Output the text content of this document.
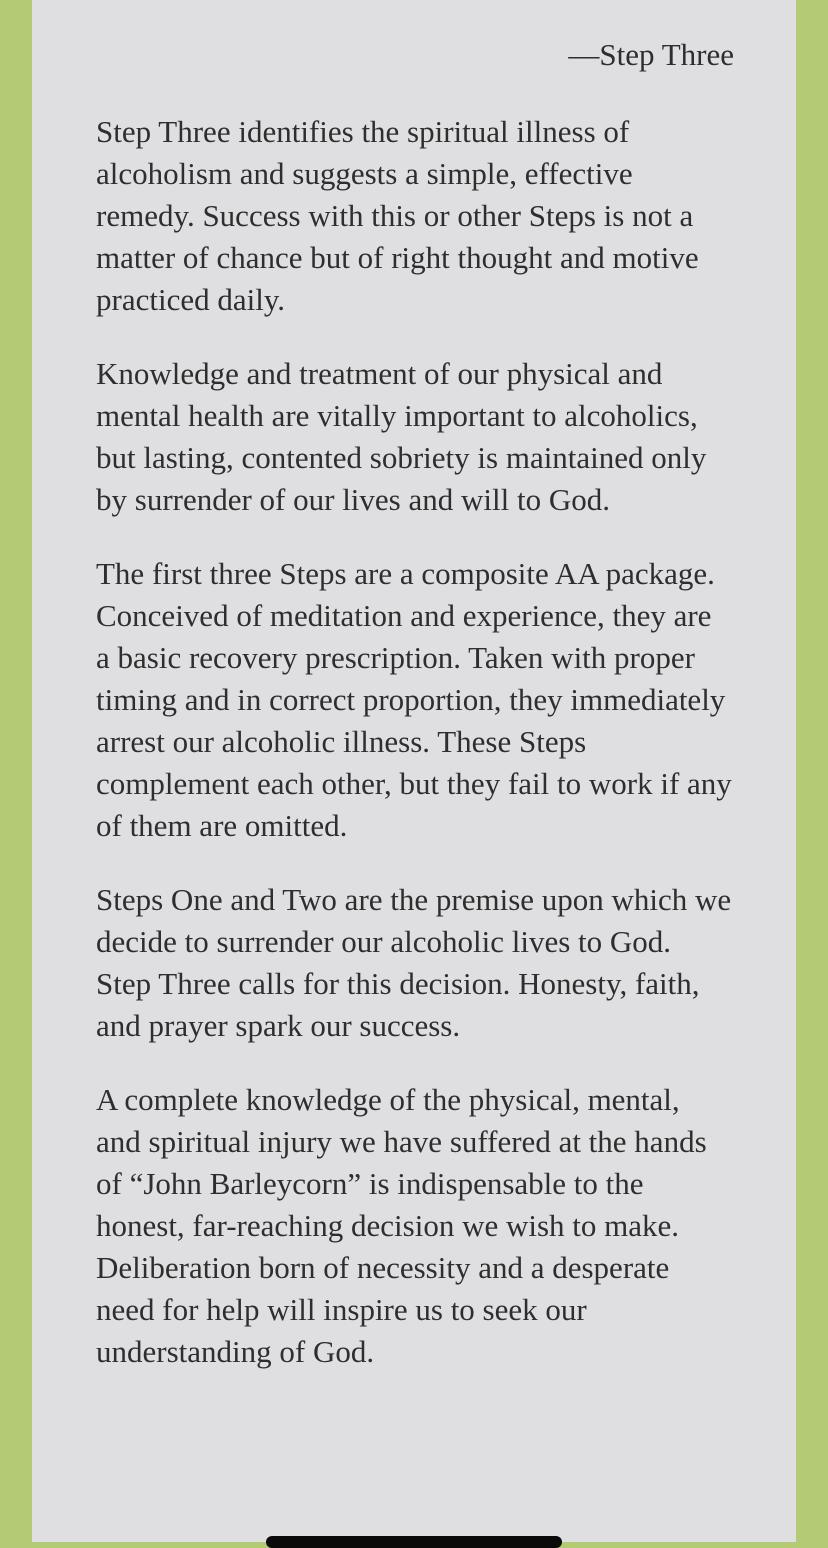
—Step Three

Step Three identifies the spiritual illness of alcoholism and suggests a simple, effective remedy. Success with this or other Steps is not a matter of chance but of right thought and motive practiced daily.

Knowledge and treatment of our physical and mental health are vitally important to alcoholics, but lasting, contented sobriety is maintained only by surrender of our lives and will to God.

The first three Steps are a composite AA package. Conceived of meditation and experience, they are a basic recovery prescription. Taken with proper timing and in correct proportion, they immediately arrest our alcoholic illness. These Steps complement each other, but they fail to work if any of them are omitted.

Steps One and Two are the premise upon which we decide to surrender our alcoholic lives to God. Step Three calls for this decision. Honesty, faith, and prayer spark our success.

A complete knowledge of the physical, mental, and spiritual injury we have suffered at the hands of “John Barleycorn” is indispensable to the honest, far-reaching decision we wish to make. Deliberation born of necessity and a desperate need for help will inspire us to seek our understanding of God.
